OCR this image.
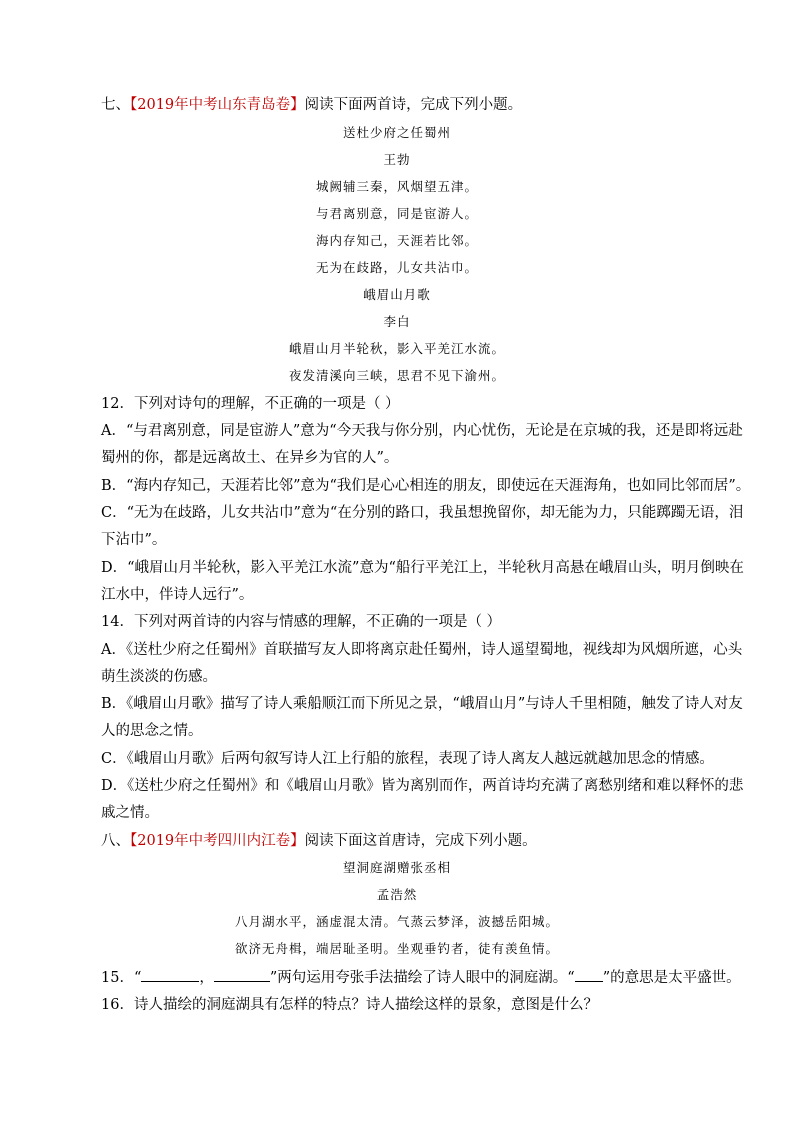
七、【2019年中考山东青岛卷】阅读下面两首诗，完成下列小题。
送杜少府之任蜀州
王勃
城阙辅三秦，风烟望五津。
与君离别意，同是宦游人。
海内存知己，天涯若比邻。
无为在歧路，儿女共沾巾。
峨眉山月歌
李白
峨眉山月半轮秋，影入平羌江水流。
夜发清溪向三峡，思君不见下渝州。
12．下列对诗句的理解，不正确的一项是（ ）
A．“与君离别意，同是宦游人”意为“今天我与你分别，内心忧伤，无论是在京城的我，还是即将远赴
蜀州的你，都是远离故土、在异乡为官的人”。
B．“海内存知己，天涯若比邻”意为“我们是心心相连的朋友，即使远在天涯海角，也如同比邻而居”。
C．“无为在歧路，儿女共沾巾”意为“在分别的路口，我虽想挽留你，却无能为力，只能踯躅无语，泪
下沾巾”。
D．“峨眉山月半轮秋，影入平羌江水流”意为“船行平羌江上，半轮秋月高悬在峨眉山头，明月倒映在
江水中，伴诗人远行”。
14．下列对两首诗的内容与情感的理解，不正确的一项是（ ）
A．《送杜少府之任蜀州》首联描写友人即将离京赴任蜀州，诗人遥望蜀地，视线却为风烟所遮，心头
萌生淡淡的伤感。
B．《峨眉山月歌》描写了诗人乘船顺江而下所见之景，“峨眉山月”与诗人千里相随，触发了诗人对友
人的思念之情。
C．《峨眉山月歌》后两句叙写诗人江上行船的旅程，表现了诗人离友人越远就越加思念的情感。
D．《送杜少府之任蜀州》和《峨眉山月歌》皆为离别而作，两首诗均充满了离愁别绪和难以释怀的悲
戚之情。
八、【2019年中考四川内江卷】阅读下面这首唐诗，完成下列小题。
望洞庭湖赠张丞相
孟浩然
八月湖水平，涵虚混太清。气蒸云梦泽，波撼岳阳城。
欲济无舟楫，端居耻圣明。坐观垂钓者，徒有羡鱼情。
15．“	，	”两句运用夸张手法描绘了诗人眼中的洞庭湖。“ ”的意思是太平盛世。
16．诗人描绘的洞庭湖具有怎样的特点？诗人描绘这样的景象，意图是什么？
